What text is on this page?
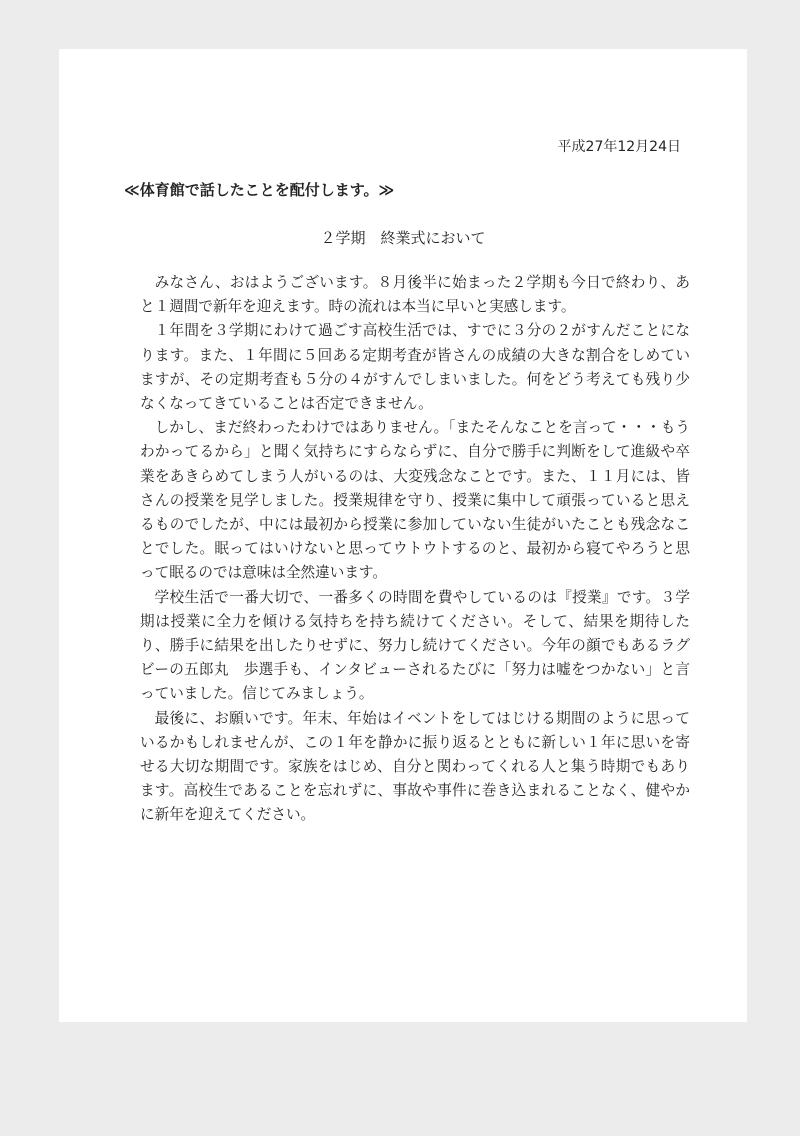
平成27年12月24日
≪体育館で話したことを配付します。≫
２学期　終業式において

みなさん、おはようございます。８月後半に始まった２学期も今日で終わり、あと１週間で新年を迎えます。時の流れは本当に早いと実感します。

１年間を３学期にわけて過ごす高校生活では、すでに３分の２がすんだことになります。また、１年間に５回ある定期考査が皆さんの成績の大きな割合をしめていますが、その定期考査も５分の４がすんでしまいました。何をどう考えても残り少なくなってきていることは否定できません。

しかし、まだ終わったわけではありません。「またそんなことを言って・・・もうわかってるから」と聞く気持ちにすらならずに、自分で勝手に判断をして進級や卒業をあきらめてしまう人がいるのは、大変残念なことです。また、１１月には、皆さんの授業を見学しました。授業規律を守り、授業に集中して頑張っていると思えるものでしたが、中には最初から授業に参加していない生徒がいたことも残念なことでした。眠ってはいけないと思ってウトウトするのと、最初から寝てやろうと思って眠るのでは意味は全然違います。

学校生活で一番大切で、一番多くの時間を費やしているのは『授業』です。３学期は授業に全力を傾ける気持ちを持ち続けてください。そして、結果を期待したり、勝手に結果を出したりせずに、努力し続けてください。今年の顔でもあるラグビーの五郎丸　歩選手も、インタビューされるたびに「努力は嘘をつかない」と言っていました。信じてみましょう。

最後に、お願いです。年末、年始はイベントをしてはじける期間のように思っているかもしれませんが、この１年を静かに振り返るとともに新しい１年に思いを寄せる大切な期間です。家族をはじめ、自分と関わってくれる人と集う時期でもあります。高校生であることを忘れずに、事故や事件に巻き込まれることなく、健やかに新年を迎えてください。
